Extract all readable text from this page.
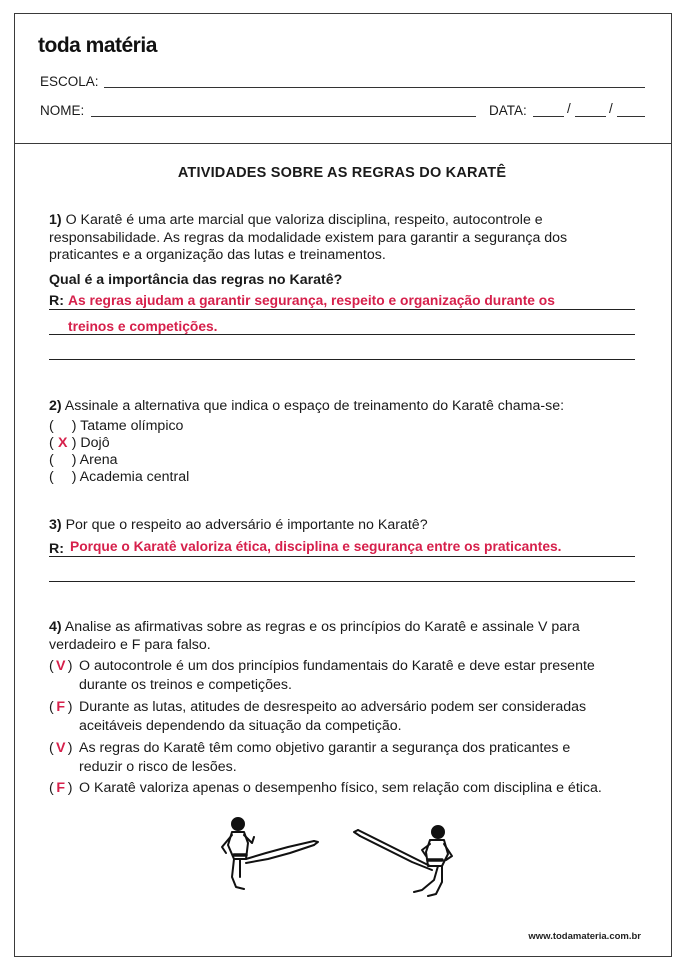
toda matéria
ESCOLA:
NOME:	DATA:	/	/
ATIVIDADES SOBRE AS REGRAS DO KARATÊ
1) O Karatê é uma arte marcial que valoriza disciplina, respeito, autocontrole e
responsabilidade. As regras da modalidade existem para garantir a segurança dos
praticantes e a organização das lutas e treinamentos.
Qual é a importância das regras no Karatê?
R: As regras ajudam a garantir segurança, respeito e organização durante os
treinos e competições.
2) Assinale a alternativa que indica o espaço de treinamento do Karatê chama-se:
( ) Tatame olímpico
( X ) Dojô
( ) Arena
( ) Academia central
3) Por que o respeito ao adversário é importante no Karatê?
R: Porque o Karatê valoriza ética, disciplina e segurança entre os praticantes.
4) Analise as afirmativas sobre as regras e os princípios do Karatê e assinale V para
verdadeiro e F para falso.
( V ) O autocontrole é um dos princípios fundamentais do Karatê e deve estar presente
durante os treinos e competições.
( F ) Durante as lutas, atitudes de desrespeito ao adversário podem ser consideradas
aceitáveis dependendo da situação da competição.
( V ) As regras do Karatê têm como objetivo garantir a segurança dos praticantes e
reduzir o risco de lesões.
( F ) O Karatê valoriza apenas o desempenho físico, sem relação com disciplina e ética.
www.todamateria.com.br
